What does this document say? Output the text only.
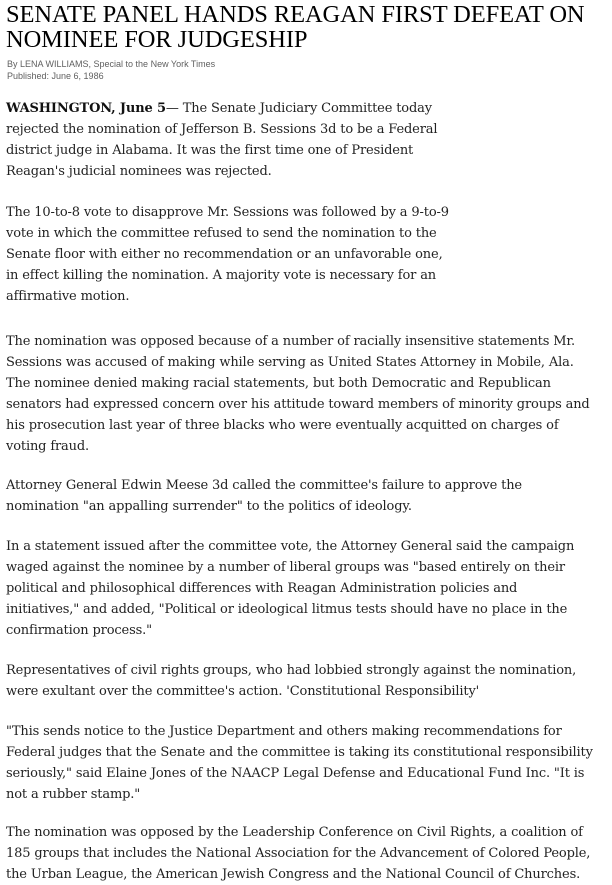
SENATE PANEL HANDS REAGAN FIRST DEFEAT ON NOMINEE FOR JUDGESHIP
By LENA WILLIAMS, Special to the New York Times
Published: June 6, 1986

WASHINGTON, June 5— The Senate Judiciary Committee today
rejected the nomination of Jefferson B. Sessions 3d to be a Federal
district judge in Alabama. It was the first time one of President
Reagan's judicial nominees was rejected.

The 10-to-8 vote to disapprove Mr. Sessions was followed by a 9-to-9
vote in which the committee refused to send the nomination to the
Senate floor with either no recommendation or an unfavorable one,
in effect killing the nomination. A majority vote is necessary for an
affirmative motion.

The nomination was opposed because of a number of racially insensitive statements Mr.
Sessions was accused of making while serving as United States Attorney in Mobile, Ala.
The nominee denied making racial statements, but both Democratic and Republican
senators had expressed concern over his attitude toward members of minority groups and
his prosecution last year of three blacks who were eventually acquitted on charges of
voting fraud.

Attorney General Edwin Meese 3d called the committee's failure to approve the
nomination "an appalling surrender" to the politics of ideology.

In a statement issued after the committee vote, the Attorney General said the campaign
waged against the nominee by a number of liberal groups was "based entirely on their
political and philosophical differences with Reagan Administration policies and
initiatives," and added, "Political or ideological litmus tests should have no place in the
confirmation process."

Representatives of civil rights groups, who had lobbied strongly against the nomination,
were exultant over the committee's action. 'Constitutional Responsibility'

"This sends notice to the Justice Department and others making recommendations for
Federal judges that the Senate and the committee is taking its constitutional responsibility
seriously," said Elaine Jones of the NAACP Legal Defense and Educational Fund Inc. "It is
not a rubber stamp."

The nomination was opposed by the Leadership Conference on Civil Rights, a coalition of
185 groups that includes the National Association for the Advancement of Colored People,
the Urban League, the American Jewish Congress and the National Council of Churches.
